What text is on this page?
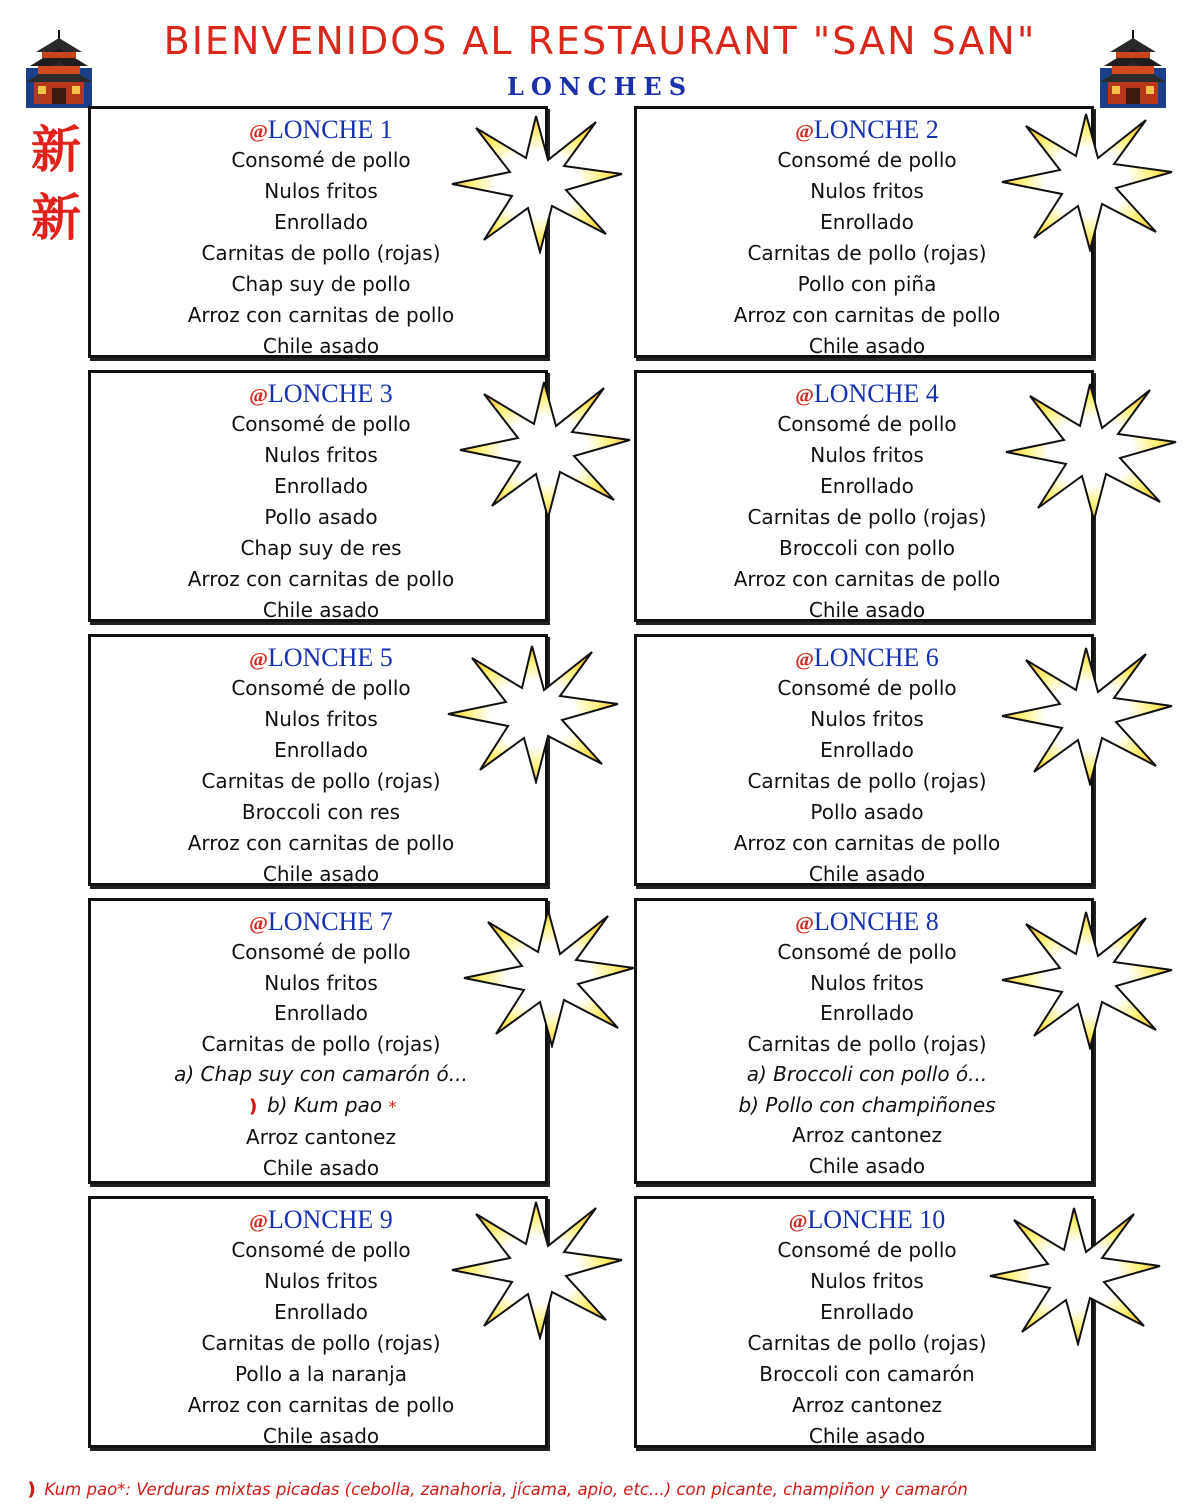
BIENVENIDOS AL RESTAURANT "SAN SAN"
LONCHES
新
新
@LONCHE 1
Consomé de pollo
Nulos fritos
Enrollado
Carnitas de pollo (rojas)
Chap suy de pollo
Arroz con carnitas de pollo
Chile asado
@LONCHE 2
Consomé de pollo
Nulos fritos
Enrollado
Carnitas de pollo (rojas)
Pollo con piña
Arroz con carnitas de pollo
Chile asado
@LONCHE 3
Consomé de pollo
Nulos fritos
Enrollado
Pollo asado
Chap suy de res
Arroz con carnitas de pollo
Chile asado
@LONCHE 4
Consomé de pollo
Nulos fritos
Enrollado
Carnitas de pollo (rojas)
Broccoli con pollo
Arroz con carnitas de pollo
Chile asado
@LONCHE 5
Consomé de pollo
Nulos fritos
Enrollado
Carnitas de pollo (rojas)
Broccoli con res
Arroz con carnitas de pollo
Chile asado
@LONCHE 6
Consomé de pollo
Nulos fritos
Enrollado
Carnitas de pollo (rojas)
Pollo asado
Arroz con carnitas de pollo
Chile asado
@LONCHE 7
Consomé de pollo
Nulos fritos
Enrollado
Carnitas de pollo (rojas)
a) Chap suy con camarón ó...
❫ b) Kum pao *
Arroz cantonez
Chile asado
@LONCHE 8
Consomé de pollo
Nulos fritos
Enrollado
Carnitas de pollo (rojas)
a) Broccoli con pollo ó...
b) Pollo con champiñones
Arroz cantonez
Chile asado
@LONCHE 9
Consomé de pollo
Nulos fritos
Enrollado
Carnitas de pollo (rojas)
Pollo a la naranja
Arroz con carnitas de pollo
Chile asado
@LONCHE 10
Consomé de pollo
Nulos fritos
Enrollado
Carnitas de pollo (rojas)
Broccoli con camarón
Arroz cantonez
Chile asado
❫ Kum pao*: Verduras mixtas picadas (cebolla, zanahoria, jícama, apio, etc...) con picante, champiñon y camarón
